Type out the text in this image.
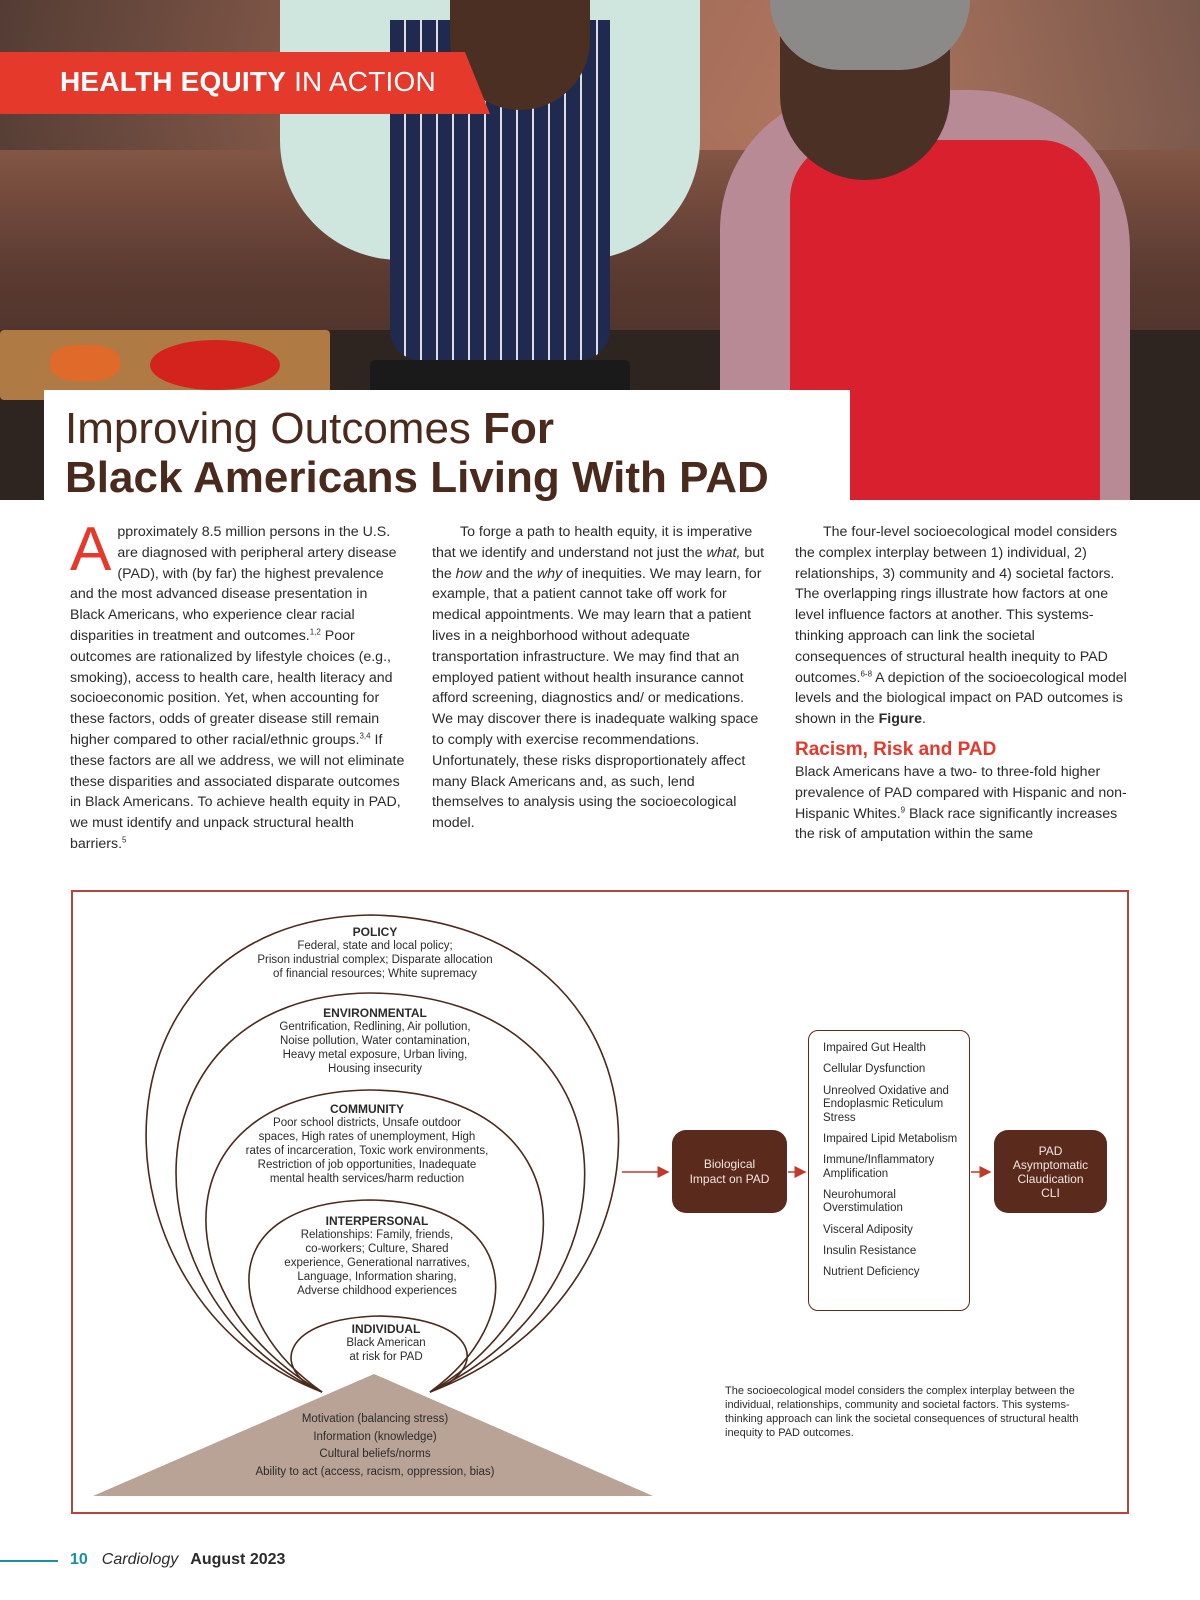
HEALTH EQUITY IN ACTION
Improving Outcomes For
Black Americans Living With PAD
Approximately 8.5 million persons in the U.S. are diagnosed with peripheral artery disease (PAD), with (by far) the highest prevalence and the most advanced disease presentation in Black Americans, who experience clear racial disparities in treatment and outcomes.$^{1,2}$ Poor outcomes are rationalized by lifestyle choices (e.g., smoking), access to health care, health literacy and socioeconomic position. Yet, when accounting for these factors, odds of greater disease still remain higher compared to other racial/ethnic groups.$^{3,4}$ If these factors are all we address, we will not eliminate these disparities and associated disparate outcomes in Black Americans. To achieve health equity in PAD, we must identify and unpack structural health barriers.$^5$
To forge a path to health equity, it is imperative that we identify and understand not just the what, but the how and the why of inequities. We may learn, for example, that a patient cannot take off work for medical appointments. We may learn that a patient lives in a neighborhood without adequate transportation infrastructure. We may find that an employed patient without health insurance cannot afford screening, diagnostics and/ or medications. We may discover there is inadequate walking space to comply with exercise recommendations. Unfortunately, these risks disproportionately affect many Black Americans and, as such, lend themselves to analysis using the socioecological model.
The four-level socioecological model considers the complex interplay between 1) individual, 2) relationships, 3) community and 4) societal factors. The overlapping rings illustrate how factors at one level influence factors at another. This systems-thinking approach can link the societal consequences of structural health inequity to PAD outcomes.$^{6-8}$ A depiction of the socioecological model levels and the biological impact on PAD outcomes is shown in the Figure.
Racism, Risk and PAD
Black Americans have a two- to three-fold higher prevalence of PAD compared with Hispanic and non-Hispanic Whites.$^9$ Black race significantly increases the risk of amputation within the same
POLICY
Federal, state and local policy;
Prison industrial complex; Disparate allocation
of financial resources; White supremacy
ENVIRONMENTAL
Gentrification, Redlining, Air pollution,
Noise pollution, Water contamination,
Heavy metal exposure, Urban living,
Housing insecurity
COMMUNITY
Poor school districts, Unsafe outdoor
spaces, High rates of unemployment, High
rates of incarceration, Toxic work environments,
Restriction of job opportunities, Inadequate
mental health services/harm reduction
INTERPERSONAL
Relationships: Family, friends,
co-workers; Culture, Shared
experience, Generational narratives,
Language, Information sharing,
Adverse childhood experiences
INDIVIDUAL
Black American
at risk for PAD
Motivation (balancing stress)
Information (knowledge)
Cultural beliefs/norms
Ability to act (access, racism, oppression, bias)
Biological
Impact on PAD
Impaired Gut Health
Cellular Dysfunction
Unreolved Oxidative and Endoplasmic Reticulum Stress
Impaired Lipid Metabolism
Immune/Inflammatory Amplification
Neurohumoral Overstimulation
Visceral Adiposity
Insulin Resistance
Nutrient Deficiency
PAD
Asymptomatic
Claudication
CLI
The socioecological model considers the complex interplay between the individual, relationships, community and societal factors. This systems-thinking approach can link the societal consequences of structural health inequity to PAD outcomes.
10 Cardiology August 2023
